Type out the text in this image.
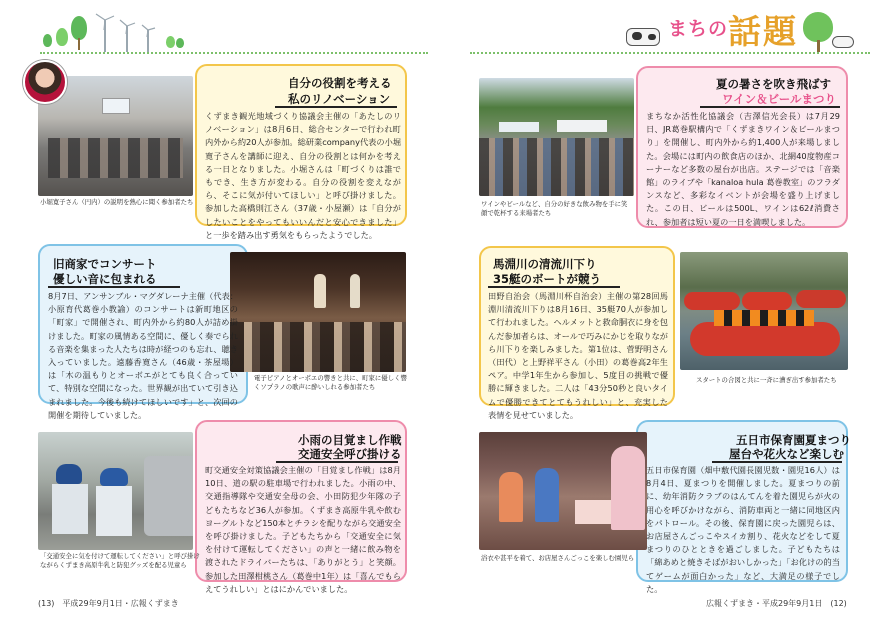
まちの 話題
小堀寛子さん（円内）の説明を熱心に聞く参加者たち
自分の役割を考える
私のリノベーション
くずまき観光地域づくり協議会主催の「あたしのリノベーション」は8月6日、総合センターで行われ町内外から約20人が参加。総研業company代表の小堀寛子さんを講師に迎え、自分の役割とは何かを考える一日となりました。小堀さんは「町づくりは誰でもでき、生き方が変わる。自分の役割を変えながら、そこに気が付いてほしい」と呼び掛けました。参加した高橋則江さん（37歳・小屋瀬）は「自分がしたいことをやってもいいんだと安心できました」と一歩を踏み出す勇気をもらったようでした。
電子ピアノとオーボエの響きと共に、町家に優しく響くソプラノの歌声に酔いしれる参加者たち
旧商家でコンサート
優しい音に包まれる
8月7日、アンサンブル・マグダレーナ主催（代表：小原育代葛巻小教諭）のコンサートは新町地区の「町家」で開催され、町内外から約80人が詰め掛けました。町家の風情ある空間に、優しく奏でられる音楽を集まった人たちは時が経つのも忘れ、聴き入っていました。遠藤香寛さん（46歳・茶屋場）は「木の温もりとオーボエがとても良く合っていて、特別な空間になった。世界観が出ていて引き込まれました。今後も続けてほしいです」と、次回の開催を期待していました。
「交通安全に気を付けて運転してください」と呼び掛けながらくずまき高原牛乳と防犯グッズを配る児童ら
小雨の目覚まし作戦
交通安全呼び掛ける
町交通安全対策協議会主催の「目覚まし作戦」は8月10日、道の駅の駐車場で行われました。小雨の中、交通指導隊や交通安全母の会、小田防犯少年隊の子どもたちなど36人が参加。くずまき高原牛乳や飲むヨーグルトなど150本とチラシを配りながら交通安全を呼び掛けました。子どもたちから「交通安全に気を付けて運転してください」の声と一緒に飲み物を渡されたドライバーたちは、「ありがとう」と笑顔。参加した田澤柑桃さん（葛巻中1年）は「喜んでもらえてうれしい」とはにかんでいました。
ワインやビールなど、自分の好きな飲み物を手に笑顔で乾杯する来場者たち
夏の暑さを吹き飛ばす
ワイン＆ビールまつり
まちなか活性化協議会（吉澤信光会長）は7月29日、JR葛巻駅構内で「くずまきワイン＆ビールまつり」を開催し、町内外から約1,400人が来場しました。会場には町内の飲食店のほか、北網40度物産コーナーなど多数の屋台が出店。ステージでは「音楽館」のライブや「kanaloa hula 葛巻教室」のフラダンスなど、多彩なイベントが会場を盛り上げました。この日、ビールは500L、ワインは62ℓ消費され、参加者は短い夏の一日を満喫しました。
スタートの合図と共に一斉に漕ぎ出す参加者たち
馬淵川の清流川下り
35艇のボートが競う
田野自治会（馬淵川杯自治会）主催の第28回馬淵川清流川下りは8月16日、35艇70人が参加して行われました。ヘルメットと救命胴衣に身を包んだ参加者らは、オールで巧みにかじを取りながら川下りを楽しみました。第1位は、菅野明さん（田代）と上野祥平さん（小田）の葛巻高2年生ペア。中学1年生から参加し、5度目の挑戦で優勝に輝きました。二人は「43分50秒と良いタイムで優勝できてとてもうれしい」と、充実した表情を見せていました。
浴衣や甚平を着て、お店屋さんごっこを楽しむ園児ら
五日市保育園夏まつり
屋台や花火など楽しむ
五日市保育園（畑中敷代園長園児数・園児16人）は8月4日、夏まつりを開催しました。夏まつりの前に、幼年消防クラブのはんてんを着た園児らが火の用心を呼びかけながら、消防車両と一緒に同地区内をパトロール。その後、保育園に戻った園児らは、お店屋さんごっこやスイカ割り、花火などをして夏まつりのひとときを過ごしました。子どもたちは「綿あめと焼きそばがおいしかった」「お化けの的当てゲームが面白かった」など、大満足の様子でした。
(13)　平成29年9月1日・広報くずまき	広報くずまき・平成29年9月1日　(12)
